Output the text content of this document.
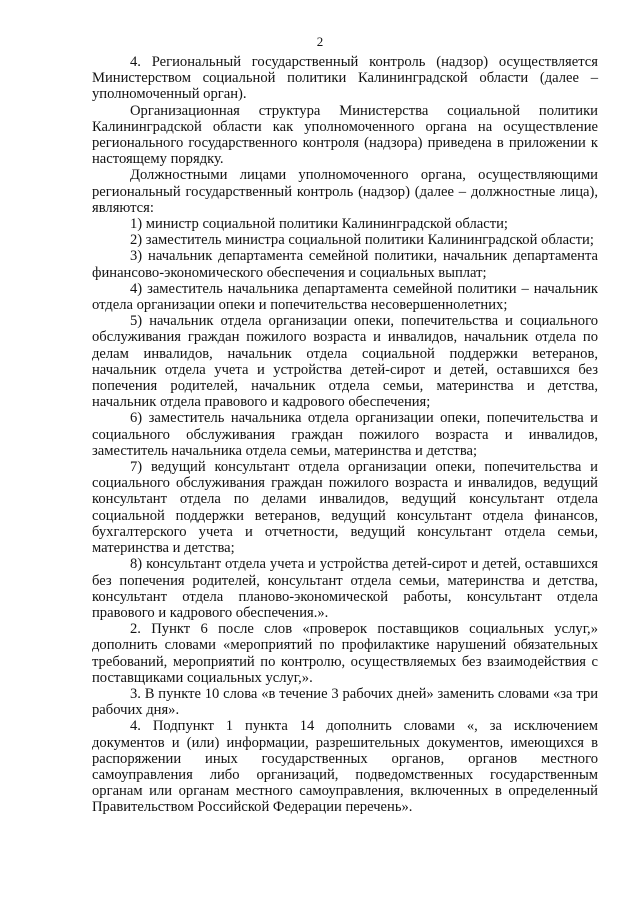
2

4. Региональный государственный контроль (надзор) осуществляется Министерством социальной политики Калининградской области (далее – уполномоченный орган).

Организационная структура Министерства социальной политики Калининградской области как уполномоченного органа на осуществление регионального государственного контроля (надзора) приведена в приложении к настоящему порядку.

Должностными лицами уполномоченного органа, осуществляющими региональный государственный контроль (надзор) (далее – должностные лица), являются:

1) министр социальной политики Калининградской области;

2) заместитель министра социальной политики Калининградской области;

3) начальник департамента семейной политики, начальник департамента финансово-экономического обеспечения и социальных выплат;

4) заместитель начальника департамента семейной политики – начальник отдела организации опеки и попечительства несовершеннолетних;

5) начальник отдела организации опеки, попечительства и социального обслуживания граждан пожилого возраста и инвалидов, начальник отдела по делам инвалидов, начальник отдела социальной поддержки ветеранов, начальник отдела учета и устройства детей-сирот и детей, оставшихся без попечения родителей, начальник отдела семьи, материнства и детства, начальник отдела правового и кадрового обеспечения;

6) заместитель начальника отдела организации опеки, попечительства и социального обслуживания граждан пожилого возраста и инвалидов, заместитель начальника отдела семьи, материнства и детства;

7) ведущий консультант отдела организации опеки, попечительства и социального обслуживания граждан пожилого возраста и инвалидов, ведущий консультант отдела по делами инвалидов, ведущий консультант отдела социальной поддержки ветеранов, ведущий консультант отдела финансов, бухгалтерского учета и отчетности, ведущий консультант отдела семьи, материнства и детства;

8) консультант отдела учета и устройства детей-сирот и детей, оставшихся без попечения родителей, консультант отдела семьи, материнства и детства, консультант отдела планово-экономической работы, консультант отдела правового и кадрового обеспечения.».

2. Пункт 6 после слов «проверок поставщиков социальных услуг,» дополнить словами «мероприятий по профилактике нарушений обязательных требований, мероприятий по контролю, осуществляемых без взаимодействия с поставщиками социальных услуг,».

3. В пункте 10 слова «в течение 3 рабочих дней» заменить словами «за три рабочих дня».

4. Подпункт 1 пункта 14 дополнить словами «, за исключением документов и (или) информации, разрешительных документов, имеющихся в распоряжении иных государственных органов, органов местного самоуправления либо организаций, подведомственных государственным органам или органам местного самоуправления, включенных в определенный Правительством Российской Федерации перечень».
